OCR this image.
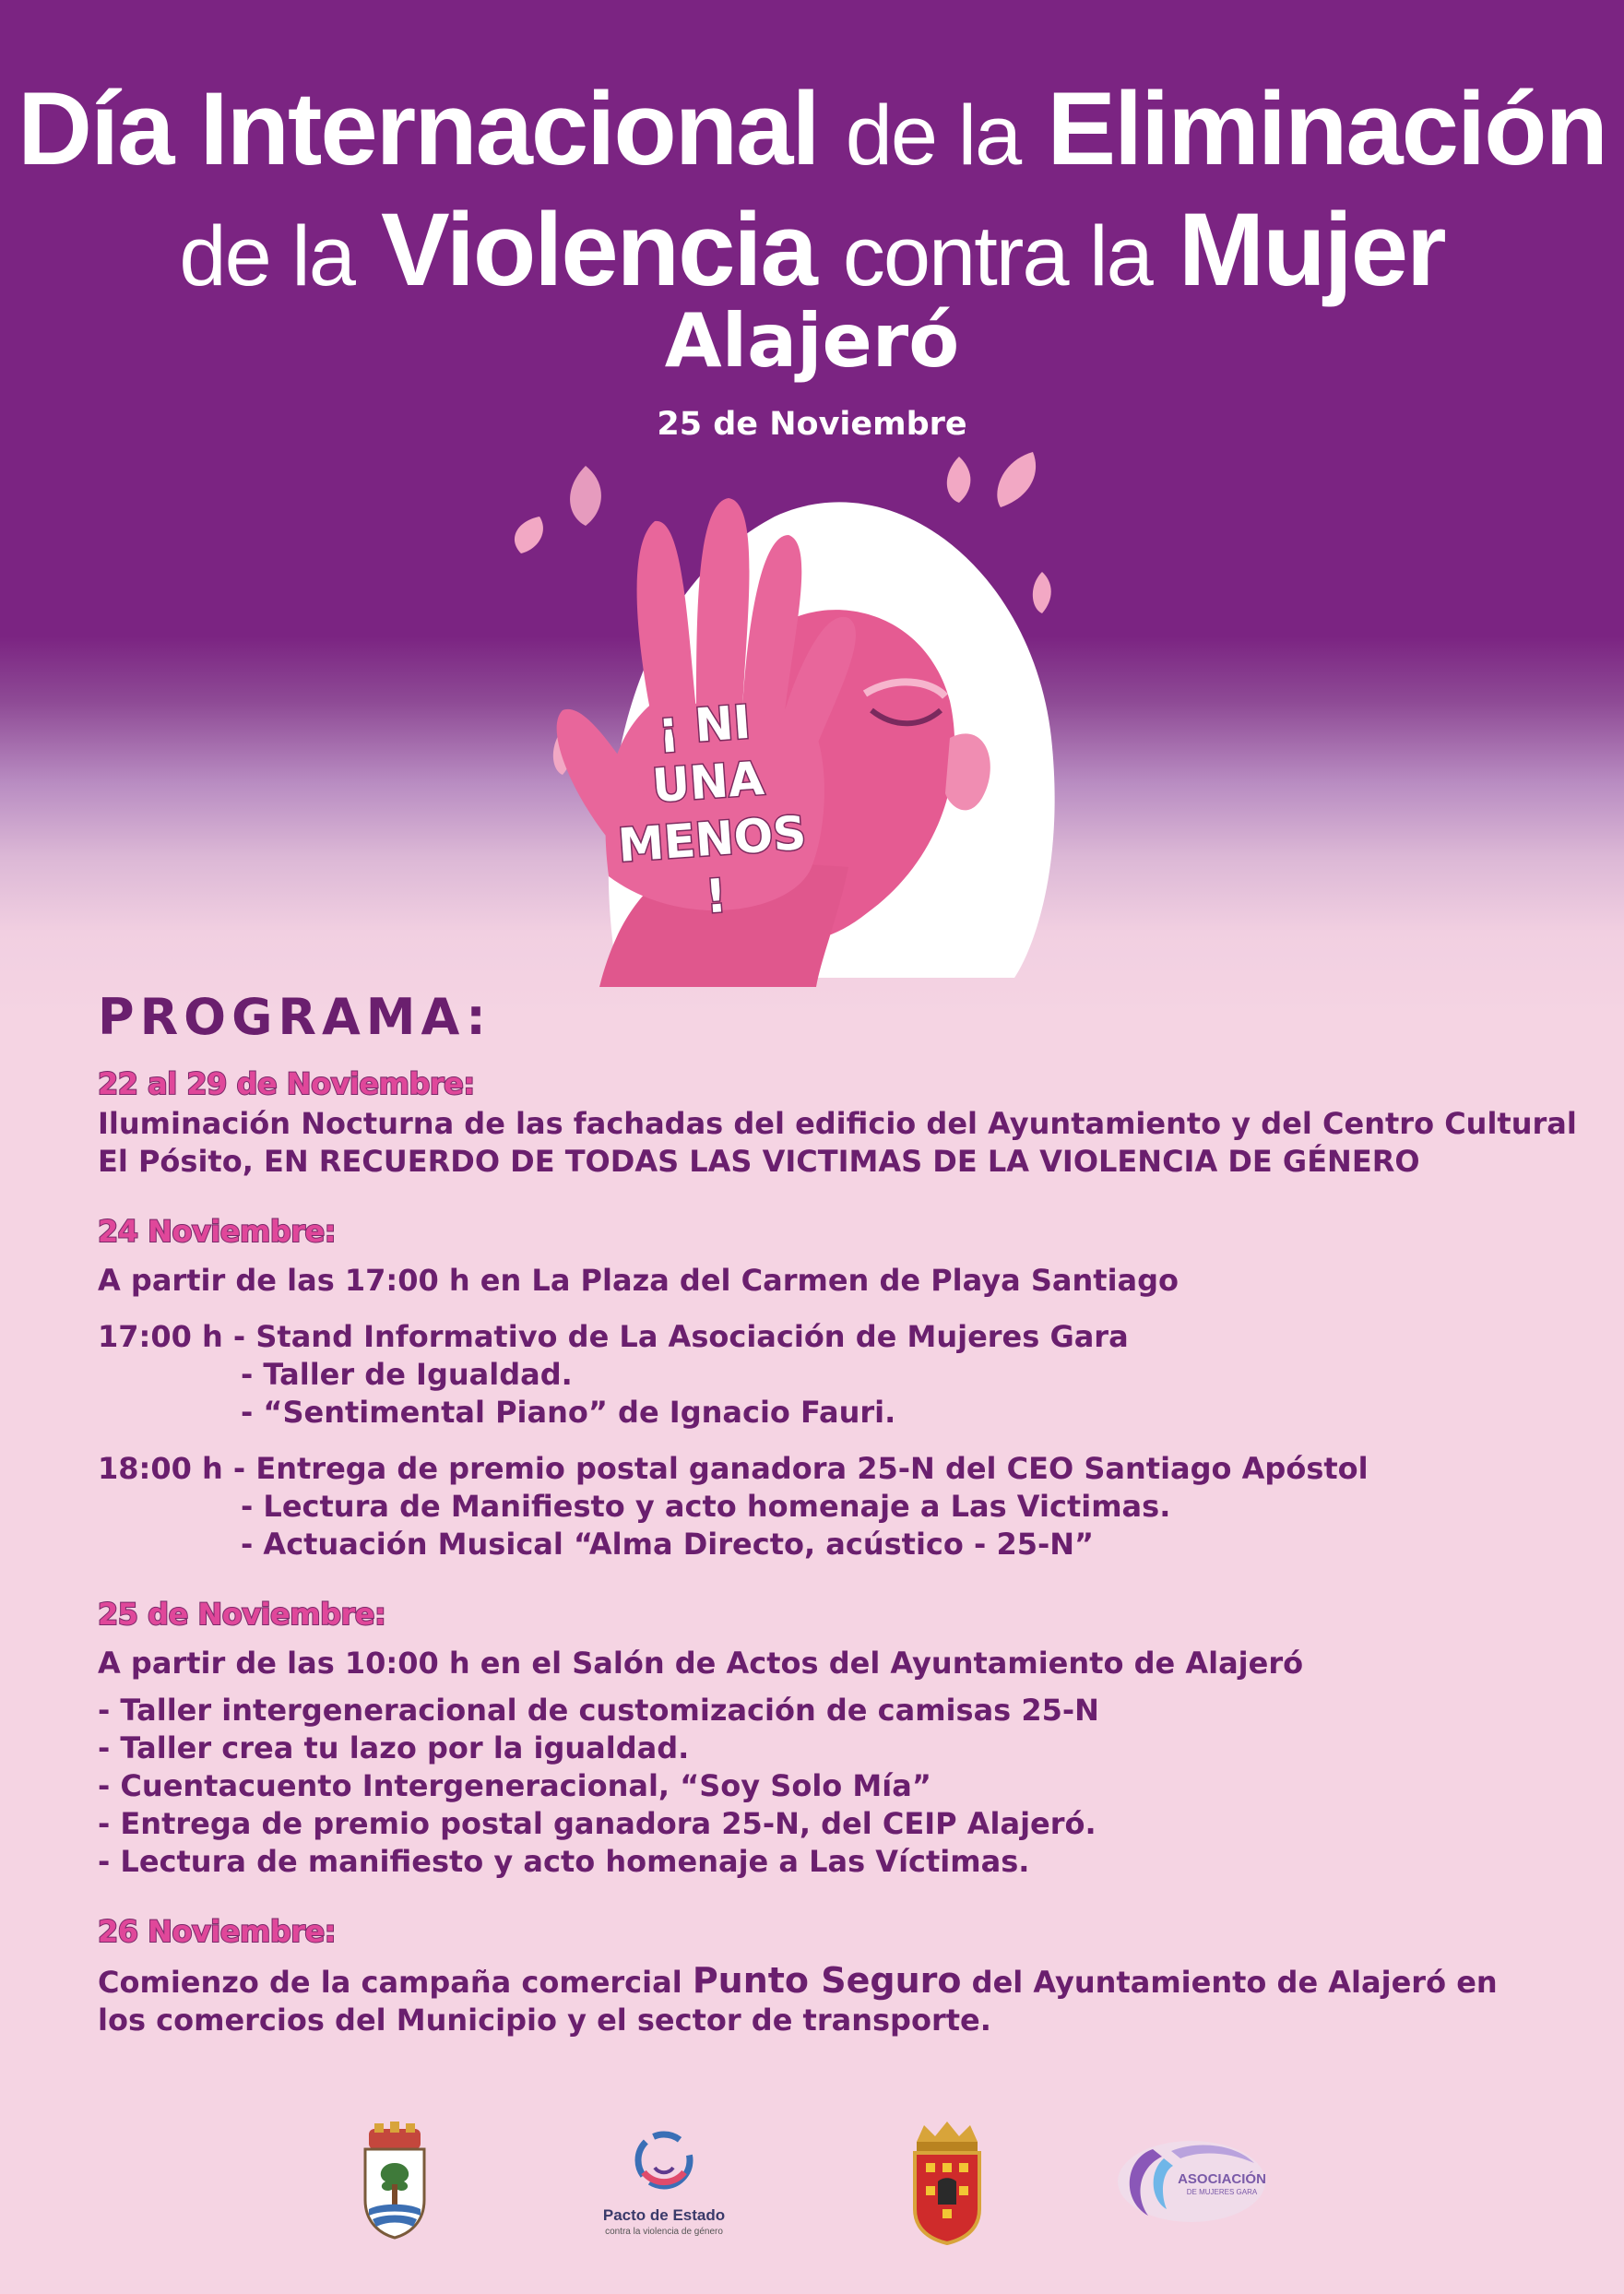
Día Internacional de la Eliminación
de la Violencia contra la Mujer
Alajeró
25 de Noviembre
¡ NI
UNA
MENOS !
PROGRAMA:
22 al 29 de Noviembre:
Iluminación Nocturna de las fachadas del edificio del Ayuntamiento y del Centro Cultural
El Pósito, EN RECUERDO DE TODAS LAS VICTIMAS DE LA VIOLENCIA DE GÉNERO
24 Noviembre:
A partir de las 17:00 h en La Plaza del Carmen de Playa Santiago
17:00 h - Stand Informativo de La Asociación de Mujeres Gara
- Taller de Igualdad.
- “Sentimental Piano” de Ignacio Fauri.
18:00 h - Entrega de premio postal ganadora 25-N del CEO Santiago Apóstol
- Lectura de Manifiesto y acto homenaje a Las Victimas.
- Actuación Musical “Alma Directo, acústico - 25-N”
25 de Noviembre:
A partir de las 10:00 h en el Salón de Actos del Ayuntamiento de Alajeró
- Taller intergeneracional de customización de camisas 25-N
- Taller crea tu lazo por la igualdad.
- Cuentacuento Intergeneracional, “Soy Solo Mía”
- Entrega de premio postal ganadora 25-N, del CEIP Alajeró.
- Lectura de manifiesto y acto homenaje a Las Víctimas.
26 Noviembre:
Comienzo de la campaña comercial Punto Seguro del Ayuntamiento de Alajeró en
los comercios del Municipio y el sector de transporte.
Pacto de Estado
contra la violencia de género
ASOCIACIÓN
DE MUJERES GARA
